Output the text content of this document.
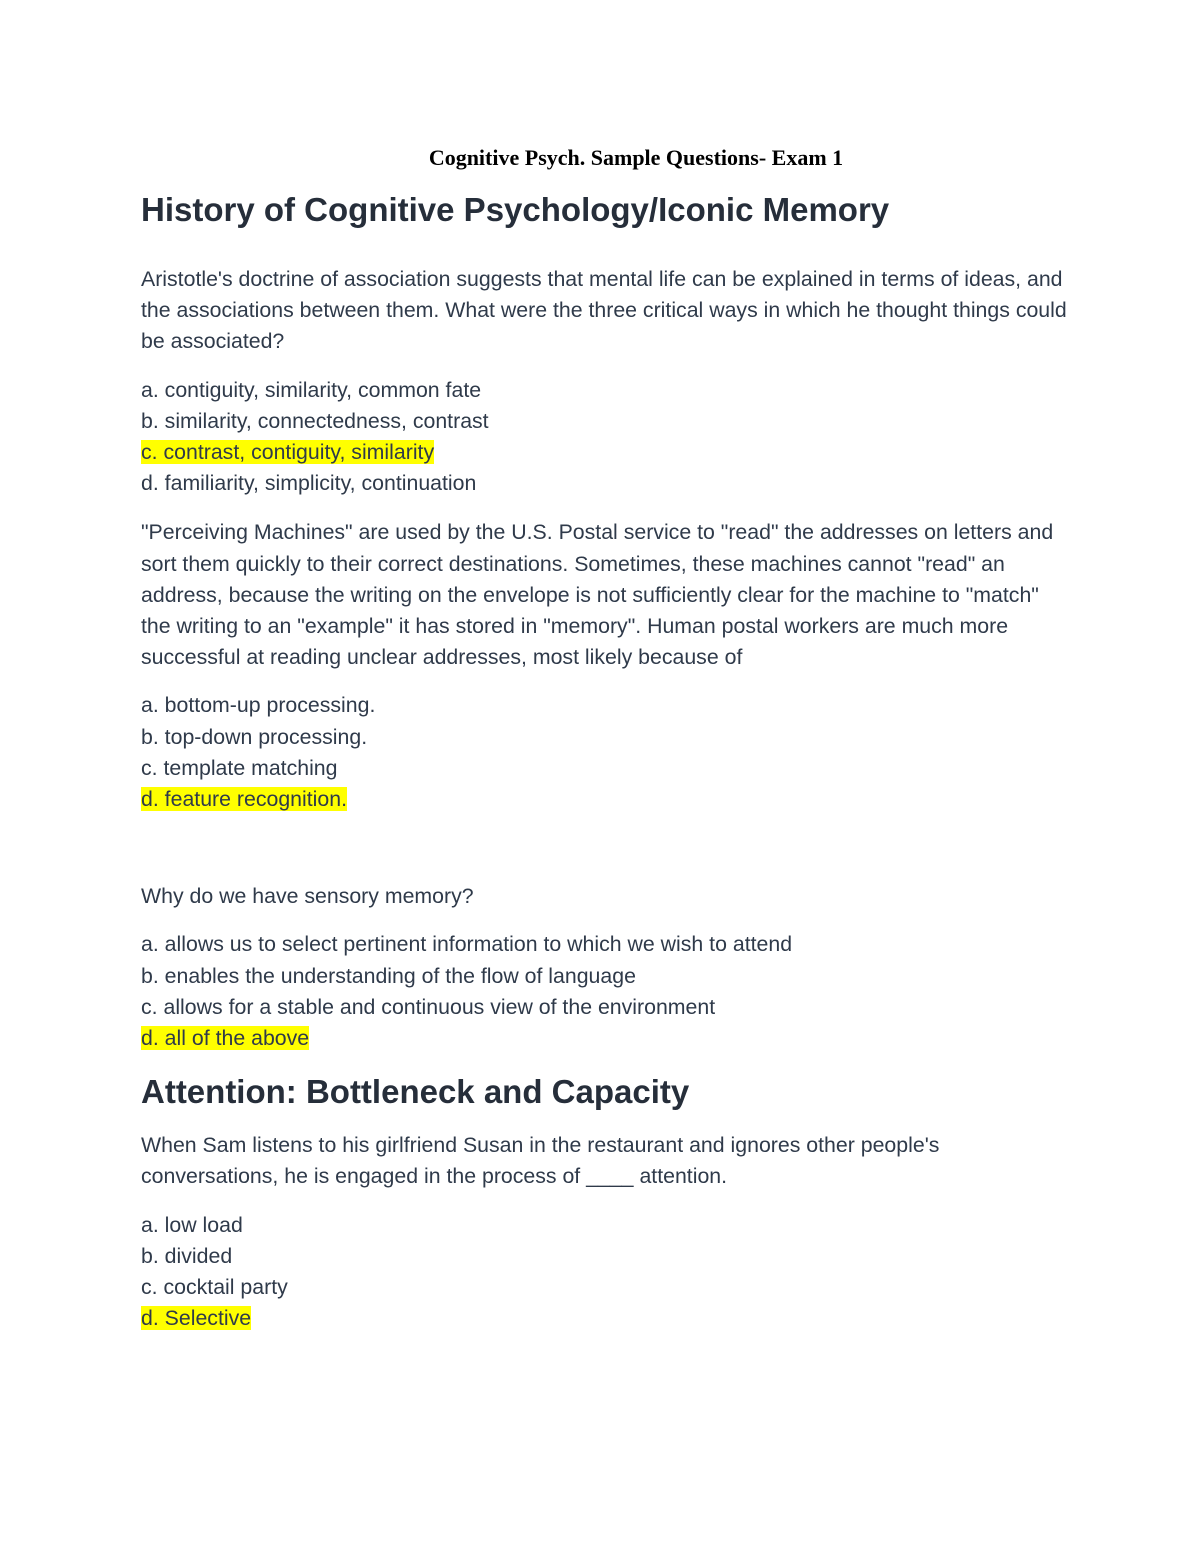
Cognitive Psych. Sample Questions- Exam 1
History of Cognitive Psychology/Iconic Memory

Aristotle's doctrine of association suggests that mental life can be explained in terms of ideas, and the associations between them. What were the three critical ways in which he thought things could be associated?

a. contiguity, similarity, common fate
b. similarity, connectedness, contrast
c. contrast, contiguity, similarity
d. familiarity, simplicity, continuation

"Perceiving Machines" are used by the U.S. Postal service to "read" the addresses on letters and sort them quickly to their correct destinations. Sometimes, these machines cannot "read" an address, because the writing on the envelope is not sufficiently clear for the machine to "match" the writing to an "example" it has stored in "memory". Human postal workers are much more successful at reading unclear addresses, most likely because of

a. bottom-up processing.
b. top-down processing.
c. template matching
d. feature recognition.

Why do we have sensory memory?

a. allows us to select pertinent information to which we wish to attend
b. enables the understanding of the flow of language
c. allows for a stable and continuous view of the environment
d. all of the above
Attention: Bottleneck and Capacity

When Sam listens to his girlfriend Susan in the restaurant and ignores other people's conversations, he is engaged in the process of ____ attention.

a. low load
b. divided
c. cocktail party
d. Selective
